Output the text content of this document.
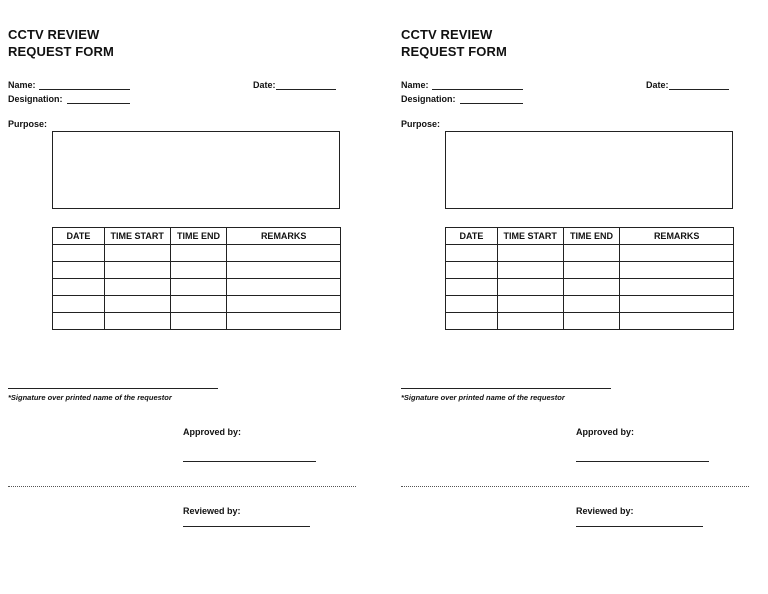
CCTV REVIEW
REQUEST FORM
Name:	Date:
Designation:
Purpose:
DATE	TIME START	TIME END	REMARKS

*Signature over printed name of the requestor
Approved by:
Reviewed by:
CCTV REVIEW
REQUEST FORM
Name:	Date:
Designation:
Purpose:
DATE	TIME START	TIME END	REMARKS

*Signature over printed name of the requestor
Approved by:
Reviewed by:
